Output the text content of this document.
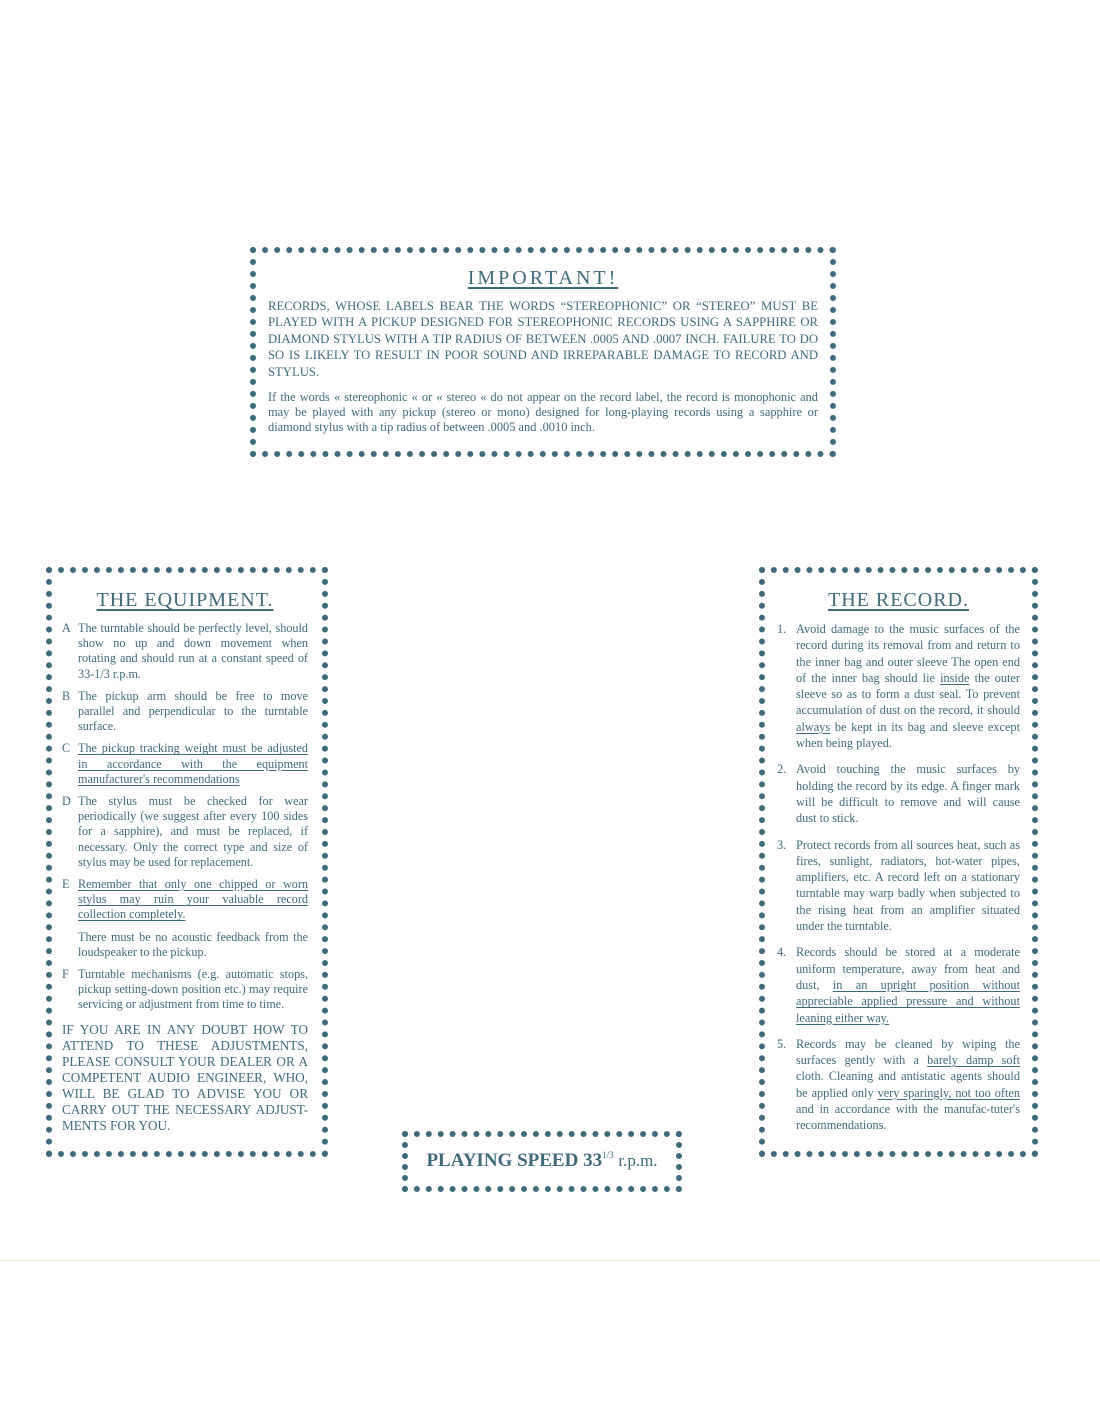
IMPORTANT!

RECORDS, WHOSE LABELS BEAR THE WORDS “STEREOPHONIC” OR “STEREO” MUST BE PLAYED WITH A PICKUP DESIGNED FOR STEREOPHONIC RECORDS USING A SAPPHIRE OR DIAMOND STYLUS WITH A TIP RADIUS OF BETWEEN .0005 AND .0007 INCH. FAILURE TO DO SO IS LIKELY TO RESULT IN POOR SOUND AND IRREPARABLE DAMAGE TO RECORD AND STYLUS.

If the words « stereophonic « or « stereo « do not appear on the record label, the record is monophonic and may be played with any pickup (stereo or mono) designed for long-playing records using a sapphire or diamond stylus with a tip radius of between .0005 and .0010 inch.

THE EQUIPMENT.
A The turntable should be perfectly level, should show no up and down movement when rotating and should run at a constant speed of 33-1/3 r.p.m.
B The pickup arm should be free to move parallel and perpendicular to the turntable surface.
C The pickup tracking weight must be adjusted in accordance with the equipment manufacturer's recommendations
D The stylus must be checked for wear periodically (we suggest after every 100 sides for a sapphire), and must be replaced, if necessary. Only the correct type and size of stylus may be used for replacement.
E Remember that only one chipped or worn stylus may ruin your valuable record collection completely.
There must be no acoustic feedback from the loudspeaker to the pickup.
F Turntable mechanisms (e.g. automatic stops, pickup setting-down position etc.) may require servicing or adjustment from time to time.
IF YOU ARE IN ANY DOUBT HOW TO ATTEND TO THESE ADJUSTMENTS, PLEASE CONSULT YOUR DEALER OR A COMPETENT AUDIO ENGINEER, WHO, WILL BE GLAD TO ADVISE YOU OR CARRY OUT THE NECESSARY ADJUST-MENTS FOR YOU.
THE RECORD.
1. Avoid damage to the music surfaces of the record during its removal from and return to the inner bag and outer sleeve The open end of the inner bag should lie inside the outer sleeve so as to form a dust seal. To prevent accumulation of dust on the record, it should always be kept in its bag and sleeve except when being played.
2. Avoid touching the music surfaces by holding the record by its edge. A finger mark will be difficult to remove and will cause dust to stick.
3. Protect records from all sources heat, such as fires, sunlight, radiators, hot-water pipes, amplifiers, etc. A record left on a stationary turntable may warp badly when subjected to the rising heat from an amplifier situated under the turntable.
4. Records should be stored at a moderate uniform temperature, away from heat and dust, in an upright position without appreciable applied pressure and without leaning either way.
5. Records may be cleaned by wiping the surfaces gently with a barely damp soft cloth. Cleaning and antistatic agents should be applied only very sparingly, not too often and in accordance with the manufac-tuter's recommendations.
PLAYING SPEED $33^{1/3}$ r.p.m.
